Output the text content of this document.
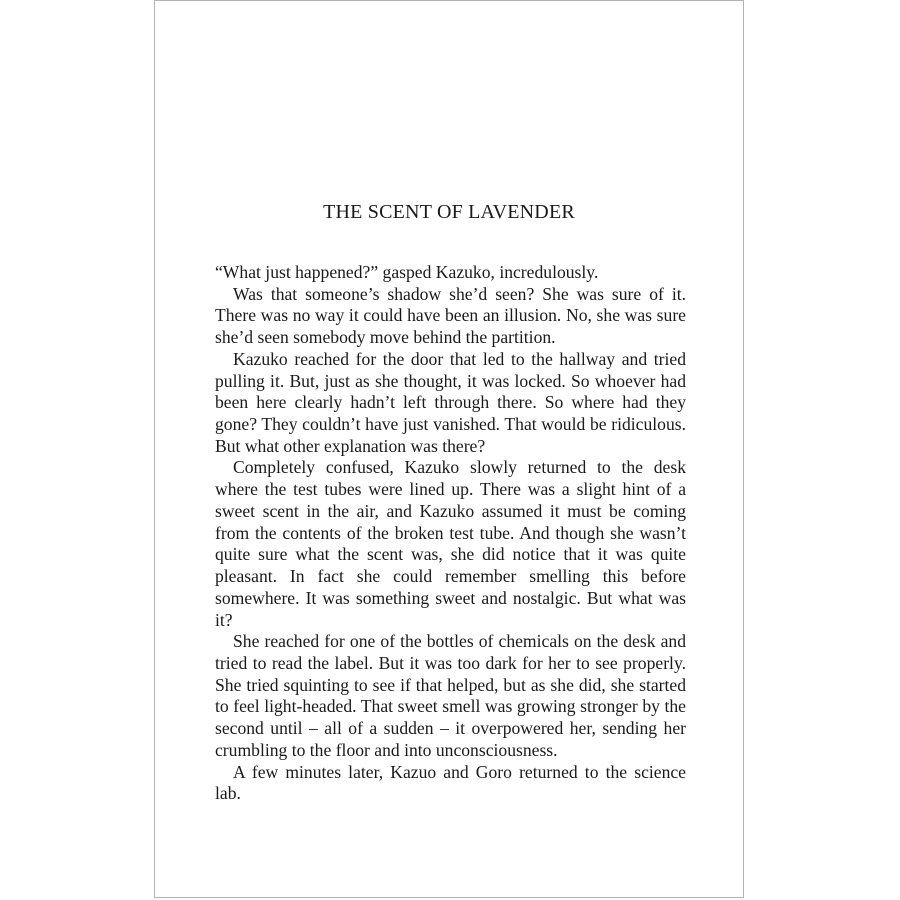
THE SCENT OF LAVENDER

“What just happened?” gasped Kazuko, incredulously.

Was that someone’s shadow she’d seen? She was sure of it. There was no way it could have been an illusion. No, she was sure she’d seen somebody move behind the partition.

Kazuko reached for the door that led to the hallway and tried pulling it. But, just as she thought, it was locked. So whoever had been here clearly hadn’t left through there. So where had they gone? They couldn’t have just vanished. That would be ridiculous. But what other explanation was there?

Completely confused, Kazuko slowly returned to the desk where the test tubes were lined up. There was a slight hint of a sweet scent in the air, and Kazuko assumed it must be coming from the contents of the broken test tube. And though she wasn’t quite sure what the scent was, she did notice that it was quite pleasant. In fact she could remember smelling this before somewhere. It was something sweet and nostalgic. But what was it?

She reached for one of the bottles of chemicals on the desk and tried to read the label. But it was too dark for her to see properly. She tried squinting to see if that helped, but as she did, she started to feel light-headed. That sweet smell was growing stronger by the second until – all of a sudden – it overpowered her, sending her crumbling to the floor and into unconsciousness.

A few minutes later, Kazuo and Goro returned to the science lab.
